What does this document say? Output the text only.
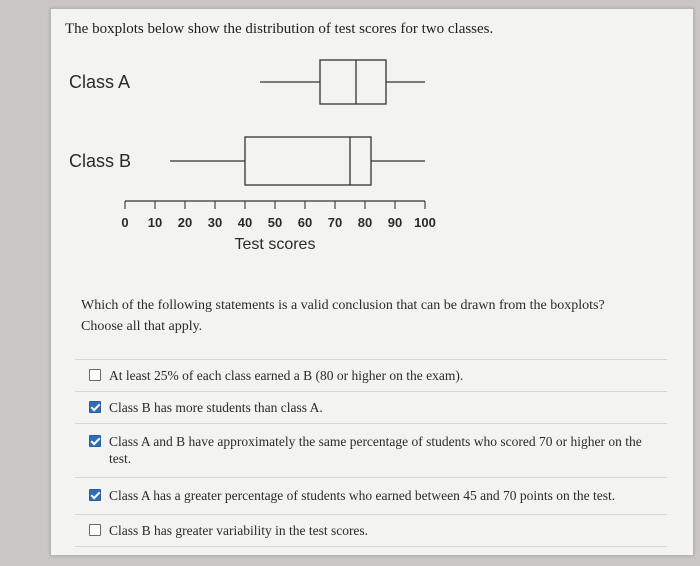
The boxplots below show the distribution of test scores for two classes.
Class A
Class B
0 10 20 30 40 50 60 70 80 90 100
Test scores
Which of the following statements is a valid conclusion that can be drawn from the boxplots?
Choose all that apply.
At least 25% of each class earned a B (80 or higher on the exam).
Class B has more students than class A.
Class A and B have approximately the same percentage of students who scored 70 or higher on the test.
Class A has a greater percentage of students who earned between 45 and 70 points on the test.
Class B has greater variability in the test scores.
